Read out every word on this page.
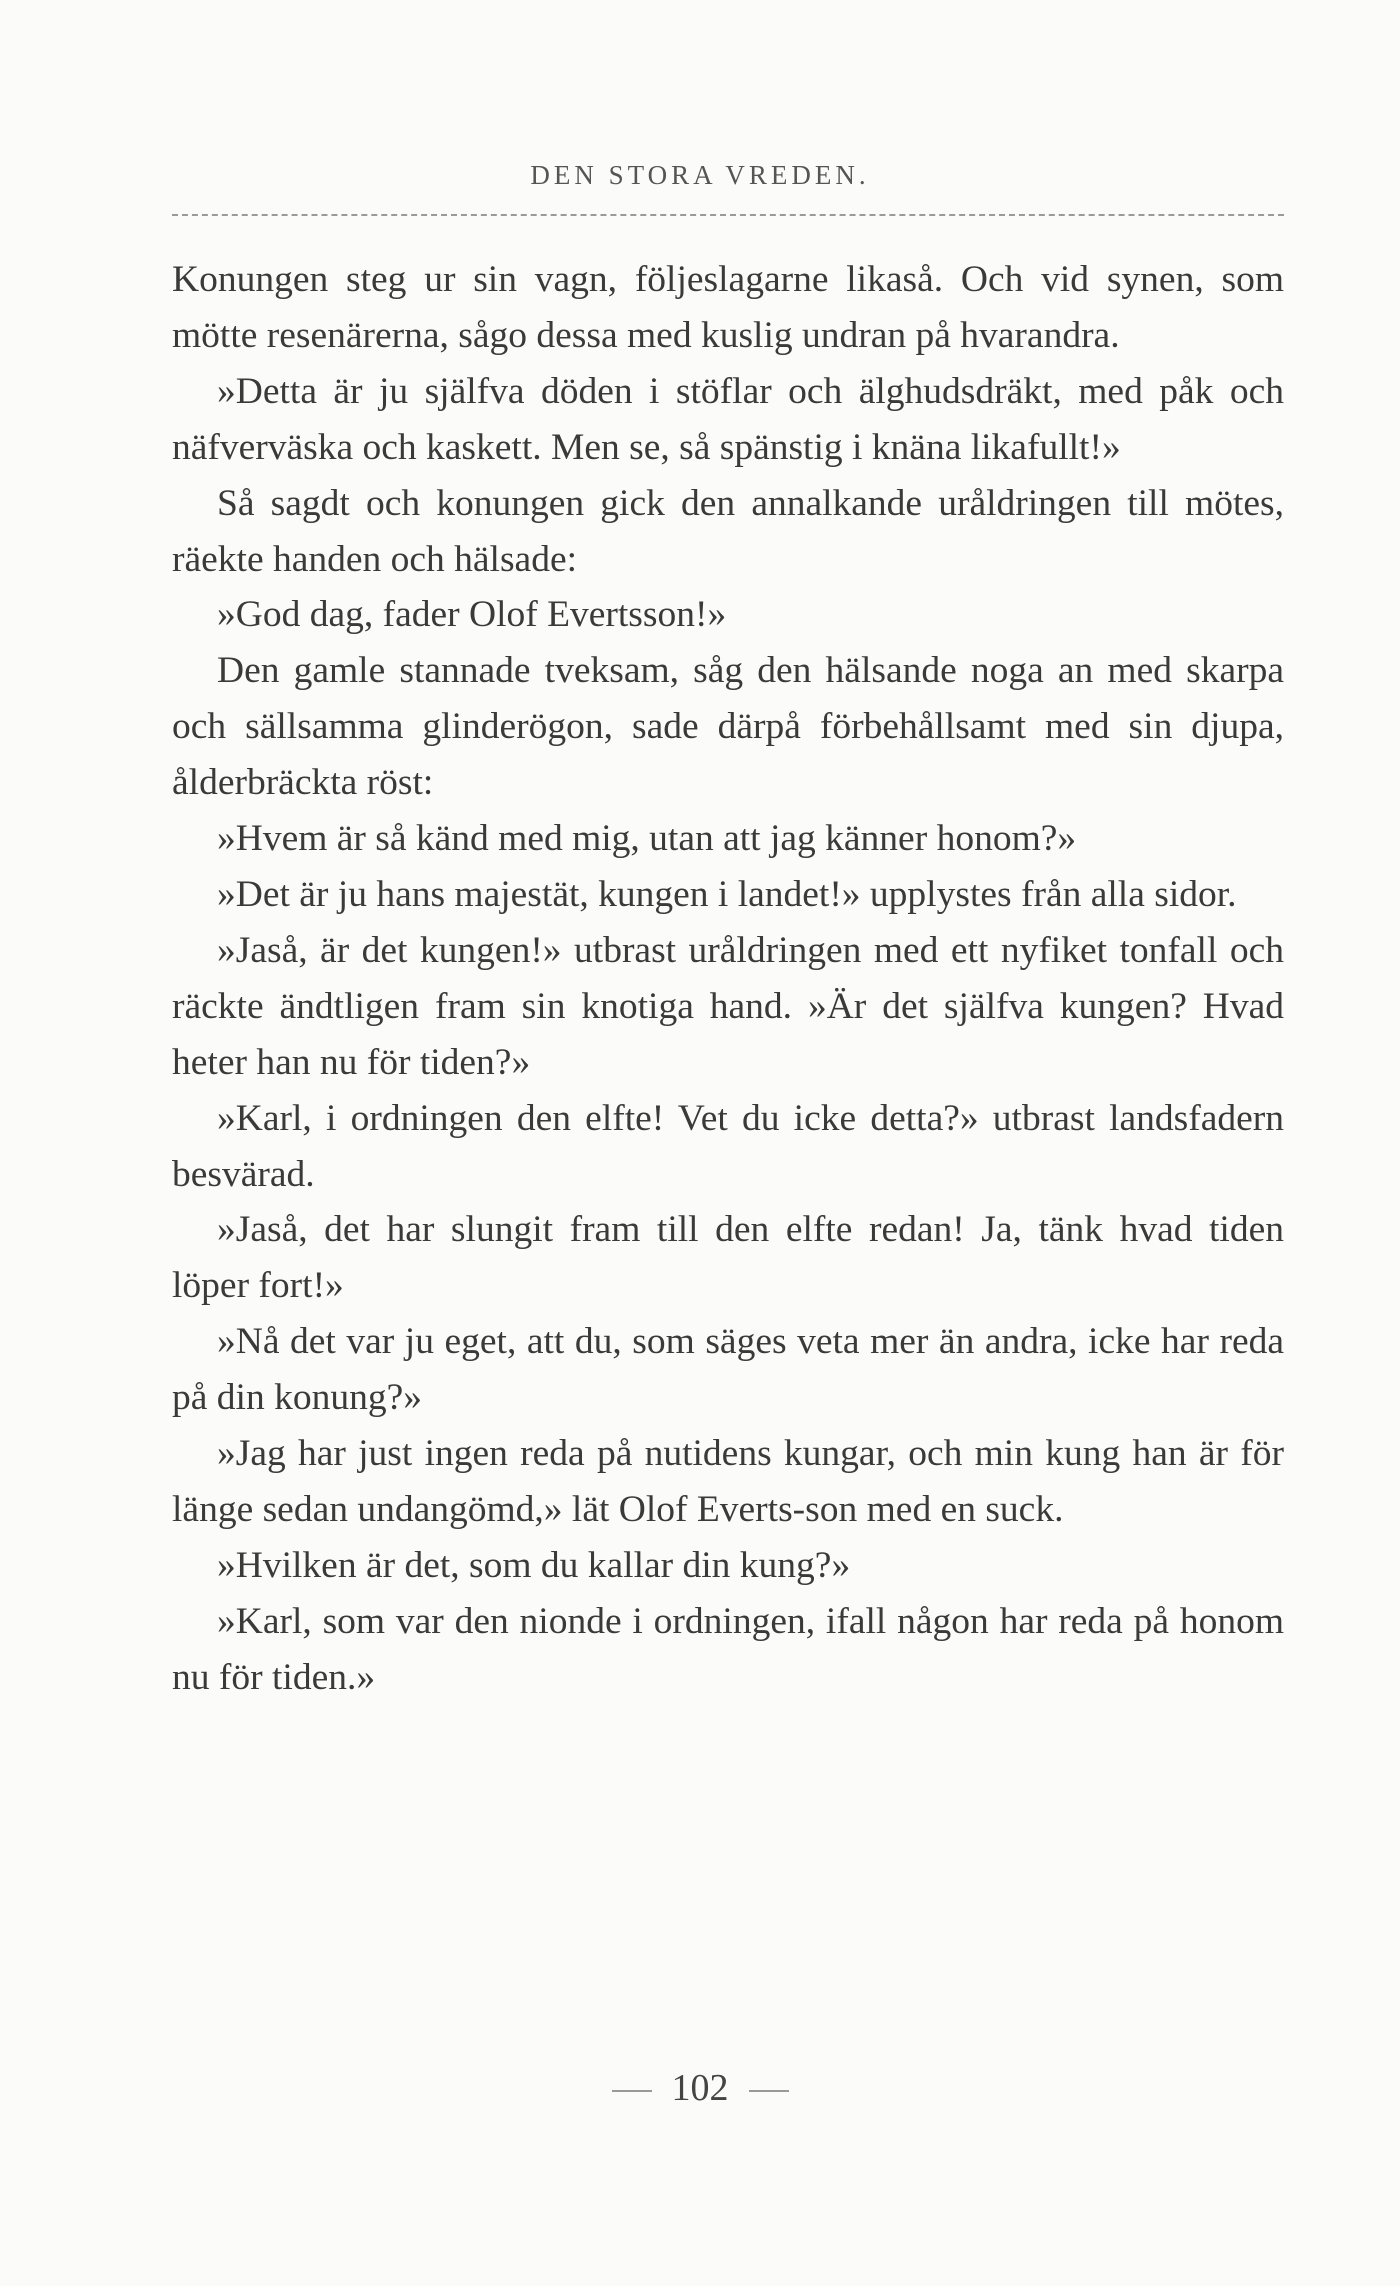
DEN STORA VREDEN.

Konungen steg ur sin vagn, följeslagarne likaså. Och vid synen, som mötte resenärerna, sågo dessa med kuslig undran på hvarandra.

»Detta är ju själfva döden i stöflar och älghudsdräkt, med påk och näfverväska och kaskett. Men se, så spänstig i knäna likafullt!»

Så sagdt och konungen gick den annalkande uråldringen till mötes, räekte handen och hälsade:

»God dag, fader Olof Evertsson!»

Den gamle stannade tveksam, såg den hälsande noga an med skarpa och sällsamma glinderögon, sade därpå förbehållsamt med sin djupa, ålderbräckta röst:

»Hvem är så känd med mig, utan att jag känner honom?»

»Det är ju hans majestät, kungen i landet!» upplystes från alla sidor.

»Jaså, är det kungen!» utbrast uråldringen med ett nyfiket tonfall och räckte ändtligen fram sin knotiga hand. »Är det själfva kungen? Hvad heter han nu för tiden?»

»Karl, i ordningen den elfte! Vet du icke detta?» utbrast landsfadern besvärad.

»Jaså, det har slungit fram till den elfte redan! Ja, tänk hvad tiden löper fort!»

»Nå det var ju eget, att du, som säges veta mer än andra, icke har reda på din konung?»

»Jag har just ingen reda på nutidens kungar, och min kung han är för länge sedan undangömd,» lät Olof Everts-son med en suck.

»Hvilken är det, som du kallar din kung?»

»Karl, som var den nionde i ordningen, ifall någon har reda på honom nu för tiden.»

102
